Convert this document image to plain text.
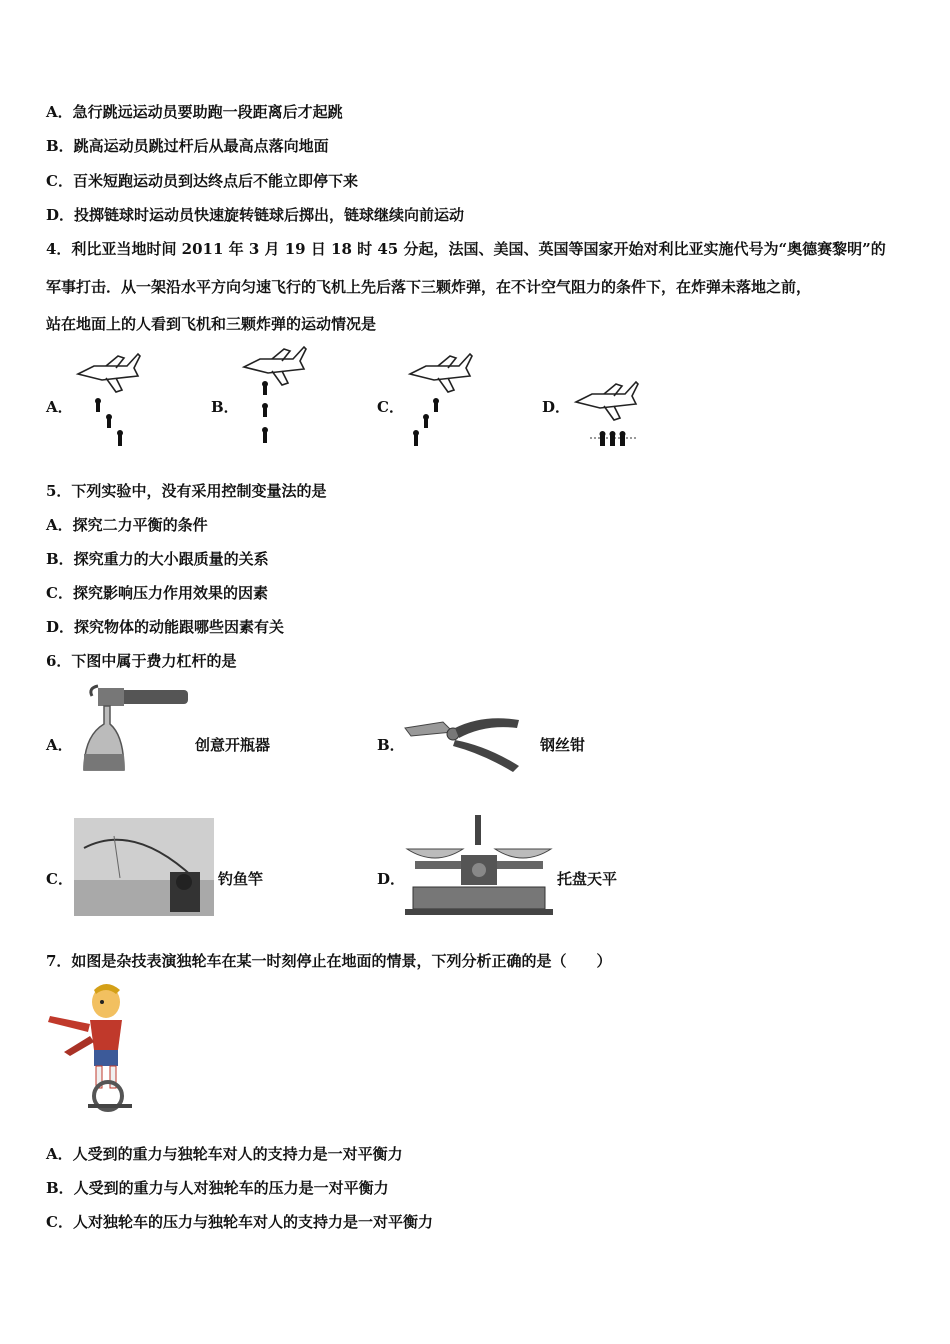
A．急行跳远运动员要助跑一段距离后才起跳
B．跳高运动员跳过杆后从最高点落向地面
C．百米短跑运动员到达终点后不能立即停下来
D．投掷链球时运动员快速旋转链球后掷出，链球继续向前运动
4．利比亚当地时间 2011 年 3 月 19 日 18 时 45 分起，法国、美国、英国等国家开始对利比亚实施代号为“奥德赛黎明”的
军事打击．从一架沿水平方向匀速飞行的飞机上先后落下三颗炸弹，在不计空气阻力的条件下，在炸弹未落地之前，
站在地面上的人看到飞机和三颗炸弹的运动情况是
A．	B．	C．	D．
5．下列实验中，没有采用控制变量法的是
A．探究二力平衡的条件
B．探究重力的大小跟质量的关系
C．探究影响压力作用效果的因素
D．探究物体的动能跟哪些因素有关
6．下图中属于费力杠杆的是
A．	创意开瓶器	B．	钢丝钳
C．	钓鱼竿	D．	托盘天平
7．如图是杂技表演独轮车在某一时刻停止在地面的情景，下列分析正确的是（　　）
A．人受到的重力与独轮车对人的支持力是一对平衡力
B．人受到的重力与人对独轮车的压力是一对平衡力
C．人对独轮车的压力与独轮车对人的支持力是一对平衡力
